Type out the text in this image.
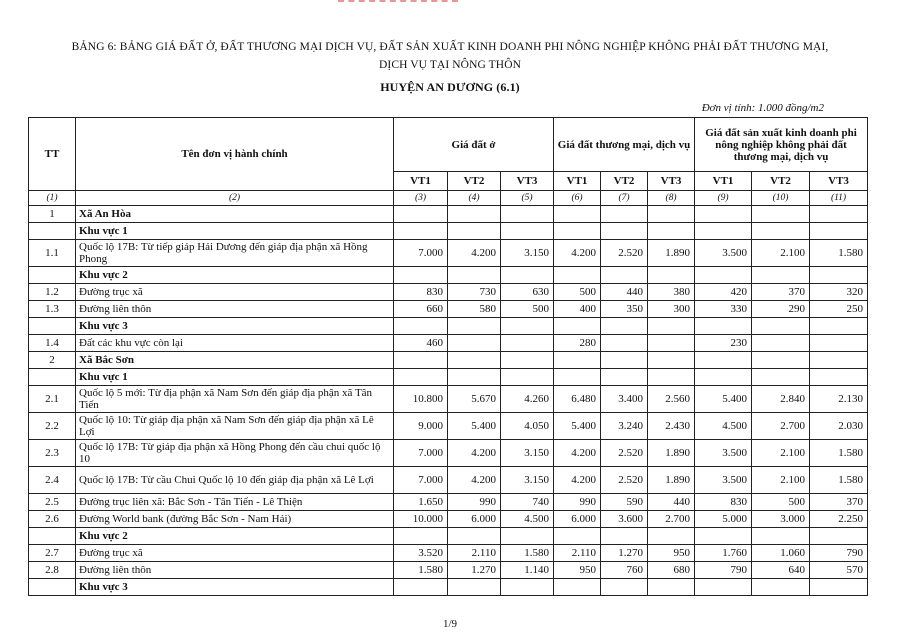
BẢNG 6: BẢNG GIÁ ĐẤT Ở, ĐẤT THƯƠNG MẠI DỊCH VỤ, ĐẤT SẢN XUẤT KINH DOANH PHI NÔNG NGHIỆP KHÔNG PHẢI ĐẤT THƯƠNG MẠI,
DỊCH VỤ TẠI NÔNG THÔN
HUYỆN AN DƯƠNG (6.1)
Đơn vị tính: 1.000 đồng/m2
TT	Tên đơn vị hành chính	Giá đất ở			Giá đất thương mại, dịch vụ			Giá đất sản xuất kinh doanh phi nông nghiệp không phải đất thương mại, dịch vụ		
		VT1	VT2	VT3	VT1	VT2	VT3	VT1	VT2	VT3
(1)	(2)	(3)	(4)	(5)	(6)	(7)	(8)	(9)	(10)	(11)
1	Xã An Hòa									
	Khu vực 1									
1.1	Quốc lộ 17B: Từ tiếp giáp Hải Dương đến giáp địa phận xã Hồng Phong	7.000	4.200	3.150	4.200	2.520	1.890	3.500	2.100	1.580
	Khu vực 2									
1.2	Đường trục xã	830	730	630	500	440	380	420	370	320
1.3	Đường liên thôn	660	580	500	400	350	300	330	290	250
	Khu vực 3									
1.4	Đất các khu vực còn lại	460			280			230		
2	Xã Bắc Sơn									
	Khu vực 1									
2.1	Quốc lộ 5 mới: Từ địa phận xã Nam Sơn đến giáp địa phận xã Tân Tiến	10.800	5.670	4.260	6.480	3.400	2.560	5.400	2.840	2.130
2.2	Quốc lộ 10: Từ giáp địa phận xã Nam Sơn đến giáp địa phận xã Lê Lợi	9.000	5.400	4.050	5.400	3.240	2.430	4.500	2.700	2.030
2.3	Quốc lộ 17B: Từ giáp địa phận xã Hồng Phong đến cầu chui quốc lộ 10	7.000	4.200	3.150	4.200	2.520	1.890	3.500	2.100	1.580
2.4	Quốc lộ 17B: Từ cầu Chui Quốc lộ 10 đến giáp địa phận xã Lê Lợi	7.000	4.200	3.150	4.200	2.520	1.890	3.500	2.100	1.580
2.5	Đường trục liên xã: Bắc Sơn - Tân Tiến - Lê Thiện	1.650	990	740	990	590	440	830	500	370
2.6	Đường World bank (đường Bắc Sơn - Nam Hải)	10.000	6.000	4.500	6.000	3.600	2.700	5.000	3.000	2.250
	Khu vực 2									
2.7	Đường trục xã	3.520	2.110	1.580	2.110	1.270	950	1.760	1.060	790
2.8	Đường liên thôn	1.580	1.270	1.140	950	760	680	790	640	570
	Khu vực 3									
1/9
